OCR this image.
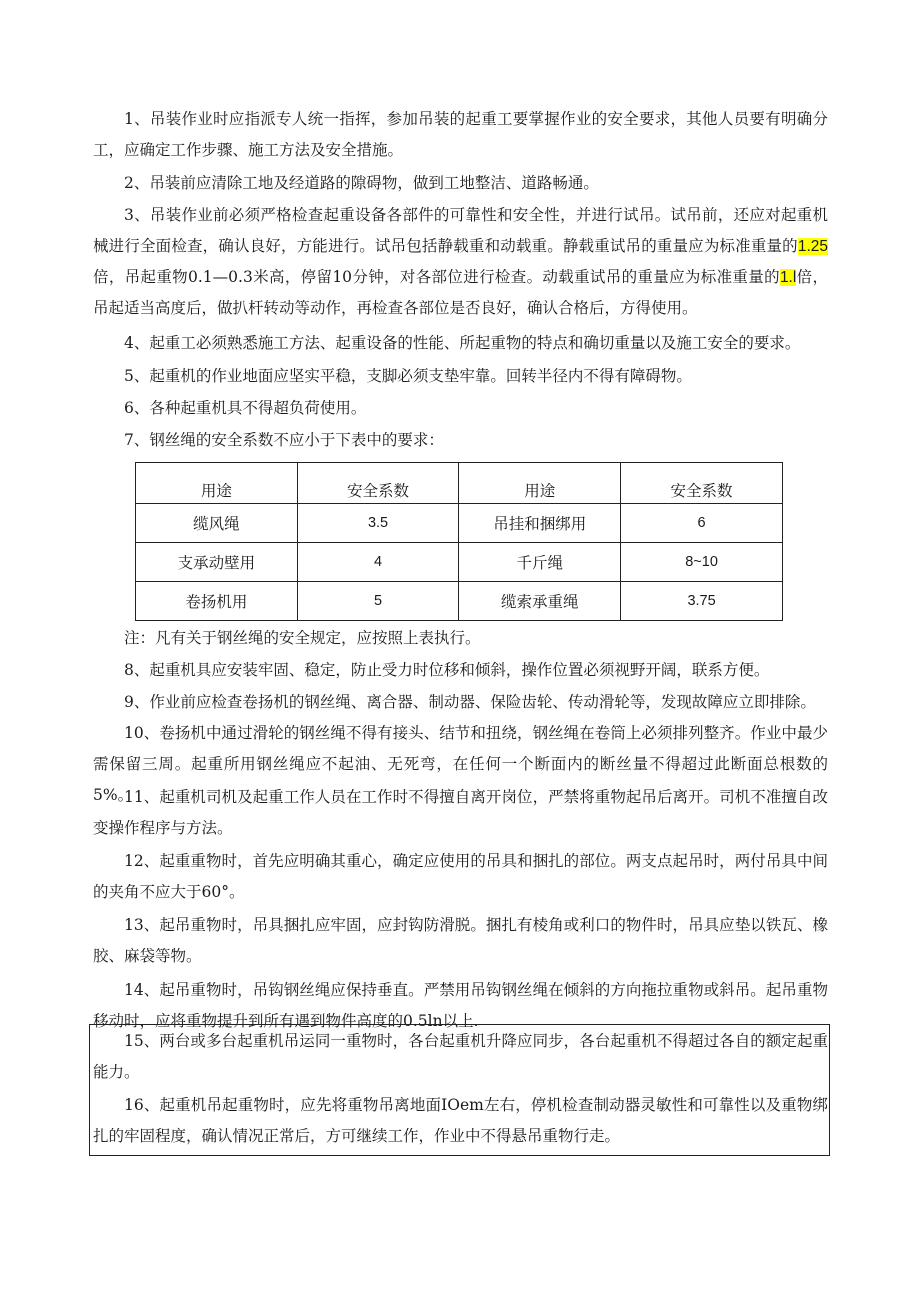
1、吊装作业时应指派专人统一指挥，参加吊装的起重工要掌握作业的安全要求，其他人员要有明确分工，应确定工作步骤、施工方法及安全措施。
2、吊装前应清除工地及经道路的隙碍物，做到工地整洁、道路畅通。
3、吊装作业前必须严格检查起重设备各部件的可靠性和安全性，并进行试吊。试吊前，还应对起重机械进行全面检查，确认良好，方能进行。试吊包括静载重和动载重。静载重试吊的重量应为标准重量的1.25倍，吊起重物0.1—0.3米高，停留10分钟，对各部位进行检查。动载重试吊的重量应为标准重量的1.l倍，吊起适当高度后，做扒杆转动等动作，再检查各部位是否良好，确认合格后，方得使用。
4、起重工必须熟悉施工方法、起重设备的性能、所起重物的特点和确切重量以及施工安全的要求。
5、起重机的作业地面应坚实平稳，支脚必须支垫牢靠。回转半径内不得有障碍物。
6、各种起重机具不得超负荷使用。
7、钢丝绳的安全系数不应小于下表中的要求：
用途	安全系数	用途	安全系数
缆风绳	3.5	吊挂和捆绑用	6
支承动壁用	4	千斤绳	8~10
卷扬机用	5	缆索承重绳	3.75
注：凡有关于钢丝绳的安全规定，应按照上表执行。
8、起重机具应安装牢固、稳定，防止受力时位移和倾斜，操作位置必须视野开阔，联系方便。
9、作业前应检查卷扬机的钢丝绳、离合器、制动器、保险齿轮、传动滑轮等，发现故障应立即排除。
10、卷扬机中通过滑轮的钢丝绳不得有接头、结节和扭绕，钢丝绳在卷筒上必须排列整齐。作业中最少需保留三周。起重所用钢丝绳应不起油、无死弯，在任何一个断面内的断丝量不得超过此断面总根数的5%。
11、起重机司机及起重工作人员在工作时不得擅自离开岗位，严禁将重物起吊后离开。司机不准擅自改变操作程序与方法。
12、起重重物时，首先应明确其重心，确定应使用的吊具和捆扎的部位。两支点起吊时，两付吊具中间的夹角不应大于60°。
13、起吊重物时，吊具捆扎应牢固，应封钩防滑脱。捆扎有棱角或利口的物件时，吊具应垫以铁瓦、橡胶、麻袋等物。
14、起吊重物时，吊钩钢丝绳应保持垂直。严禁用吊钩钢丝绳在倾斜的方向拖拉重物或斜吊。起吊重物移动时，应将重物提升到所有遇到物件高度的0.5ln以上.
15、两台或多台起重机吊运同一重物时，各台起重机升降应同步，各台起重机不得超过各自的额定起重能力。
16、起重机吊起重物时，应先将重物吊离地面IOem左右，停机检查制动器灵敏性和可靠性以及重物绑扎的牢固程度，确认情况正常后，方可继续工作，作业中不得悬吊重物行走。
